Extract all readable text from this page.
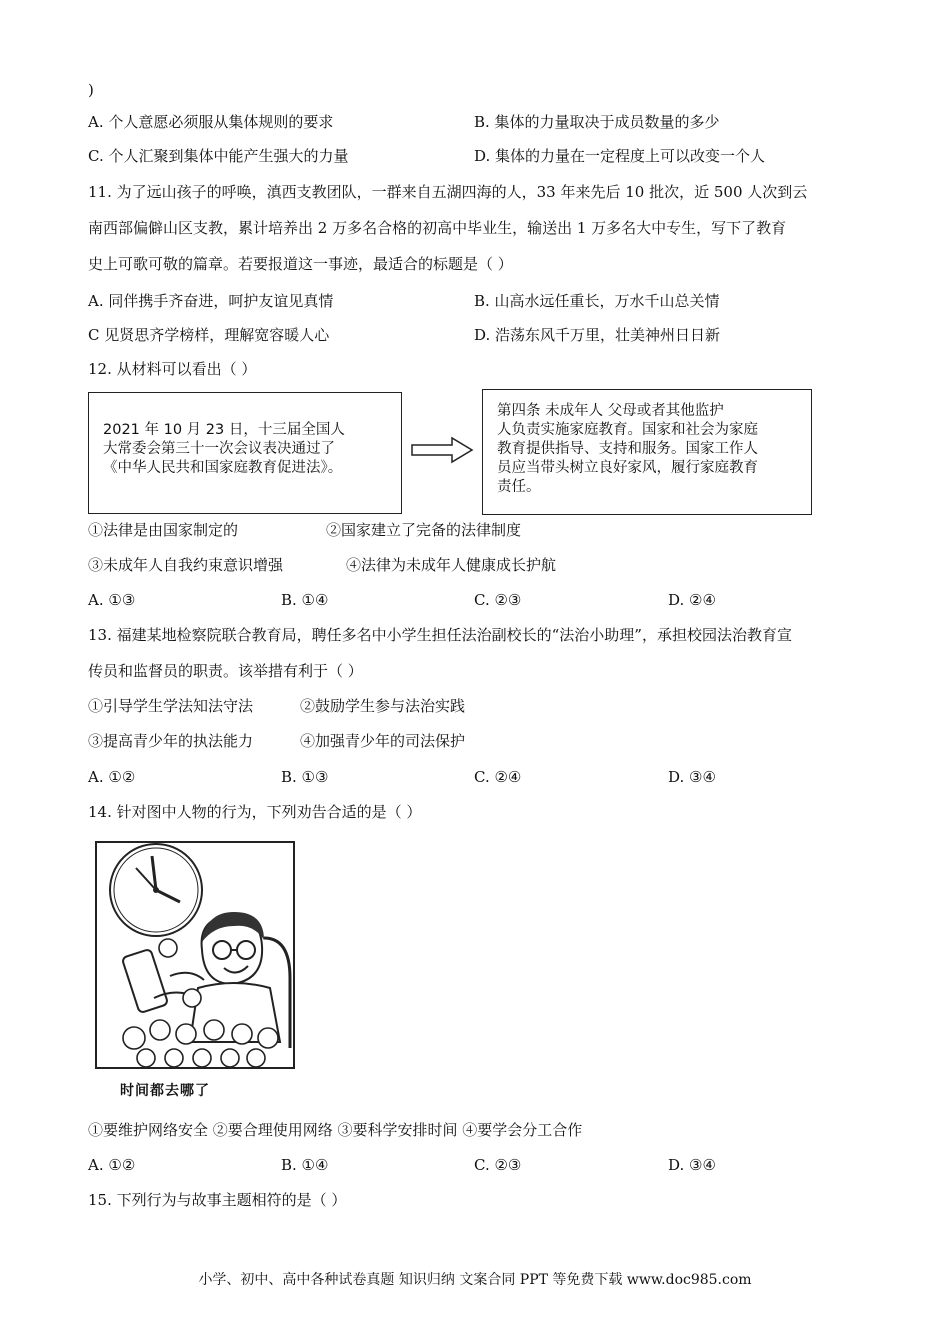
)
A. 个人意愿必须服从集体规则的要求	B. 集体的力量取决于成员数量的多少
C. 个人汇聚到集体中能产生强大的力量	D. 集体的力量在一定程度上可以改变一个人
11. 为了远山孩子的呼唤，滇西支教团队，一群来自五湖四海的人，33 年来先后 10 批次，近 500 人次到云
南西部偏僻山区支教，累计培养出 2 万多名合格的初高中毕业生，输送出 1 万多名大中专生，写下了教育
史上可歌可敬的篇章。若要报道这一事迹，最适合的标题是（ ）
A. 同伴携手齐奋进，呵护友谊见真情	B. 山高水远任重长，万水千山总关情
C 见贤思齐学榜样，理解宽容暖人心	D. 浩荡东风千万里，壮美神州日日新
12. 从材料可以看出（ ）
2021 年 10 月 23 日，十三届全国人
大常委会第三十一次会议表决通过了
《中华人民共和国家庭教育促进法》。
第四条 未成年人 父母或者其他监护
人负责实施家庭教育。国家和社会为家庭
教育提供指导、支持和服务。国家工作人
员应当带头树立良好家风，履行家庭教育
责任。
①法律是由国家制定的	②国家建立了完备的法律制度
③未成年人自我约束意识增强	④法律为未成年人健康成长护航
A. ①③	B. ①④	C. ②③	D. ②④
13. 福建某地检察院联合教育局，聘任多名中小学生担任法治副校长的“法治小助理”，承担校园法治教育宣
传员和监督员的职责。该举措有利于（ ）
①引导学生学法知法守法	②鼓励学生参与法治实践
③提高青少年的执法能力	④加强青少年的司法保护
A. ①②	B. ①③	C. ②④	D. ③④
14. 针对图中人物的行为，下列劝告合适的是（ ）
时间都去哪了
①要维护网络安全 ②要合理使用网络 ③要科学安排时间 ④要学会分工合作
A. ①②	B. ①④	C. ②③	D. ③④
15. 下列行为与故事主题相符的是（ ）
小学、初中、高中各种试卷真题 知识归纳 文案合同 PPT 等免费下载 www.doc985.com
